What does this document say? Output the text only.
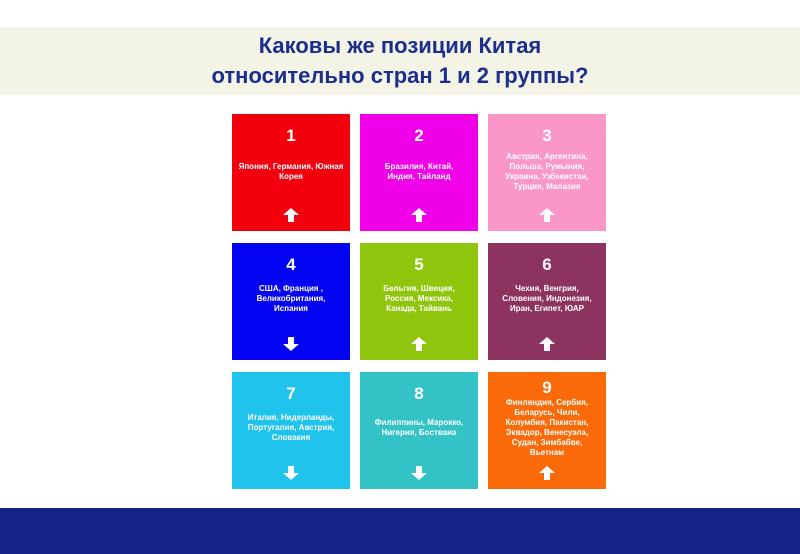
Каковы же позиции Китая
относительно стран 1 и 2 группы?
1
Япония, Германия, Южная Корея
2
Бразилия, Китай, Индия, Тайланд
3
Австрия, Аргентина, Польша, Румыния, Украина, Узбекистан, Турция, Малазия
4
США, Франция , Великобритания, Испания
5
Бельгия, Швеция, Россия, Мексика, Канада, Тайвань
6
Чехия, Венгрия, Словения, Индонезия, Иран, Египет, ЮАР
7
Италия, Нидерланды, Португалия, Австрия, Словакия
8
Филиппины, Марокко, Нигерия, Бостваиа
9
Финляндия, Сербия, Беларусь, Чили, Колумбия, Пакистан, Эквадор, Венесуэла, Судан, Зимбабве, Вьетнам
